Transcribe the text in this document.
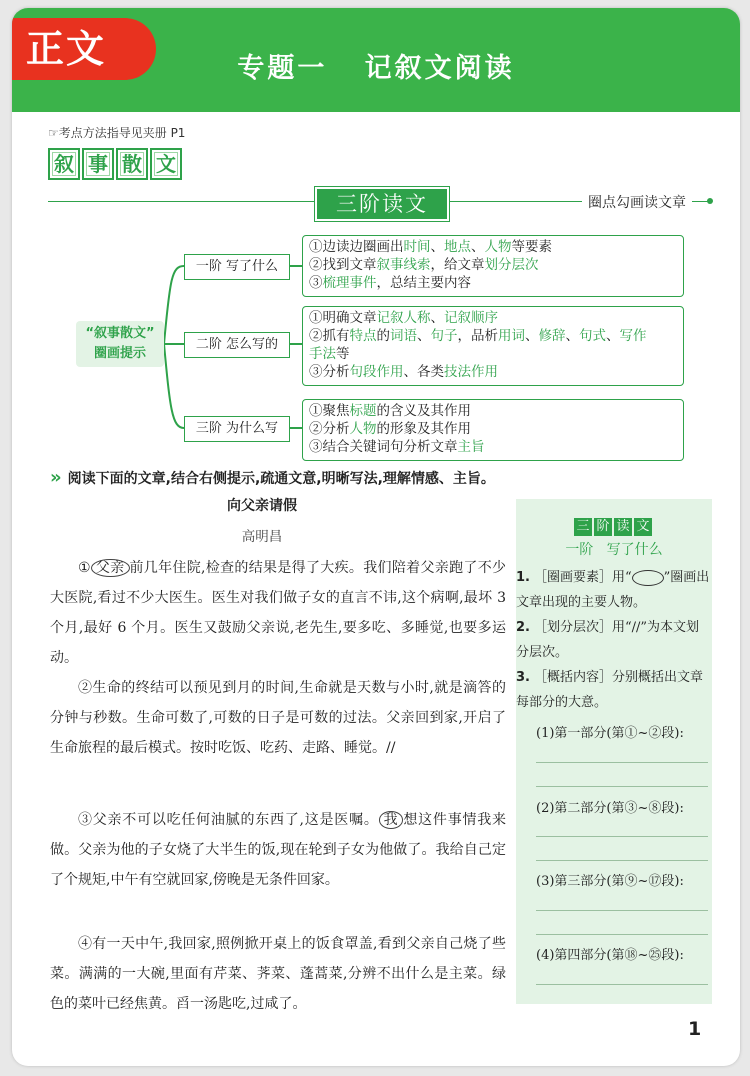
专题一   记叙文阅读
正文
☞考点方法指导见夹册 P1
叙 事 散 文
三阶读文	圈点勾画读文章
“叙事散文”
圈画提示
一阶 写了什么
二阶 怎么写的
三阶 为什么写
①边读边圈画出时间、地点、人物等要素
②找到文章叙事线索，给文章划分层次
③梳理事件，总结主要内容
①明确文章记叙人称、记叙顺序
②抓有特点的词语、句子，品析用词、修辞、句式、写作
手法等
③分析句段作用、各类技法作用
①聚焦标题的含义及其作用
②分析人物的形象及其作用
③结合关键词句分析文章主旨
» 阅读下面的文章,结合右侧提示,疏通文意,明晰写法,理解情感、主旨。
向父亲请假
高明昌

① 父亲 前几年住院,检查的结果是得了大疾。我们陪着父亲跑了不少大医院,看过不少大医生。医生对我们做子女的直言不讳,这个病啊,最坏 3 个月,最好 6 个月。医生又鼓励父亲说,老先生,要多吃、多睡觉,也要多运动。

②生命的终结可以预见到月的时间,生命就是天数与小时,就是滴答的分钟与秒数。生命可数了,可数的日子是可数的过法。父亲回到家,开启了生命旅程的最后模式。按时吃饭、吃药、走路、睡觉。//

③父亲不可以吃任何油腻的东西了,这是医嘱。 我 想这件事情我来做。父亲为他的子女烧了大半生的饭,现在轮到子女为他做了。我给自己定了个规矩,中午有空就回家,傍晚是无条件回家。

④有一天中午,我回家,照例掀开桌上的饭食罩盖,看到父亲自己烧了些菜。满满的一大碗,里面有芹菜、荠菜、蓬蒿菜,分辨不出什么是主菜。绿色的菜叶已经焦黄。舀一汤匙吃,过咸了。

三 阶 读 文
一阶   写了什么
1. ［圈画要素］用“ ”圈画出文章出现的主要人物。
2. ［划分层次］用“//”为本文划分层次。
3. ［概括内容］分别概括出文章每部分的大意。
(1)第一部分(第①~②段):
(2)第二部分(第③~⑧段):
(3)第三部分(第⑨~⑰段):
(4)第四部分(第⑱~㉕段):
1
